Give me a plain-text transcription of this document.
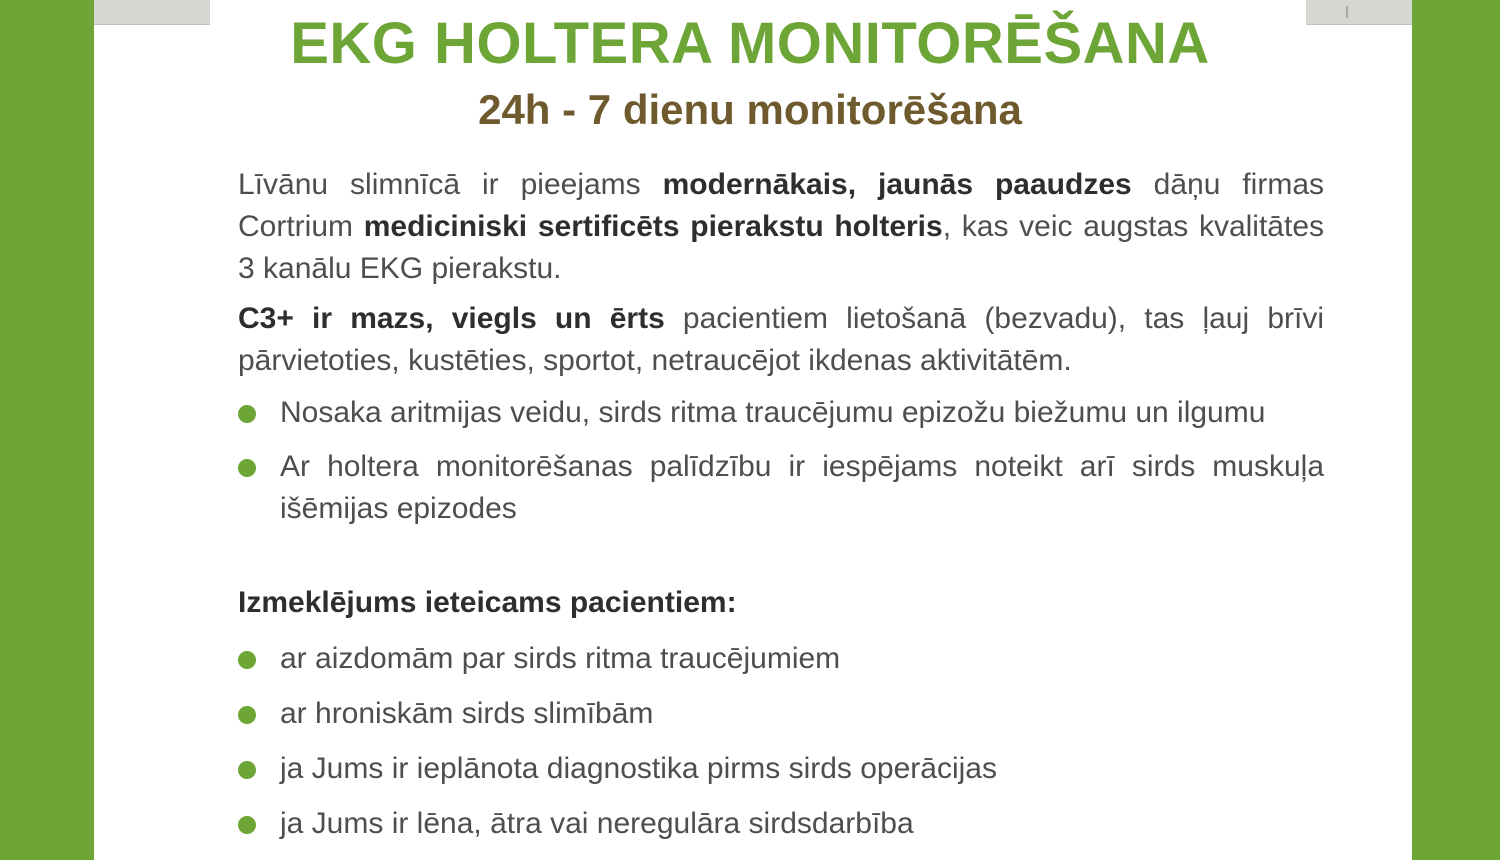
EKG HOLTERA MONITORĒŠANA
24h - 7 dienu monitorēšana

Līvānu slimnīcā ir pieejams modernākais, jaunās paaudzes dāņu firmas Cortrium mediciniski sertificēts pierakstu holteris, kas veic augstas kvalitātes 3 kanālu EKG pierakstu.

C3+ ir mazs, viegls un ērts pacientiem lietošanā (bezvadu), tas ļauj brīvi pārvietoties, kustēties, sportot, netraucējot ikdenas aktivitātēm.

Nosaka aritmijas veidu, sirds ritma traucējumu epizožu biežumu un ilgumu
Ar holtera monitorēšanas palīdzību ir iespējams noteikt arī sirds muskuļa išēmijas epizodes

Izmeklējums ieteicams pacientiem:

ar aizdomām par sirds ritma traucējumiem
ar hroniskām sirds slimībām
ja Jums ir ieplānota diagnostika pirms sirds operācijas
ja Jums ir lēna, ātra vai neregulāra sirdsdarbība
